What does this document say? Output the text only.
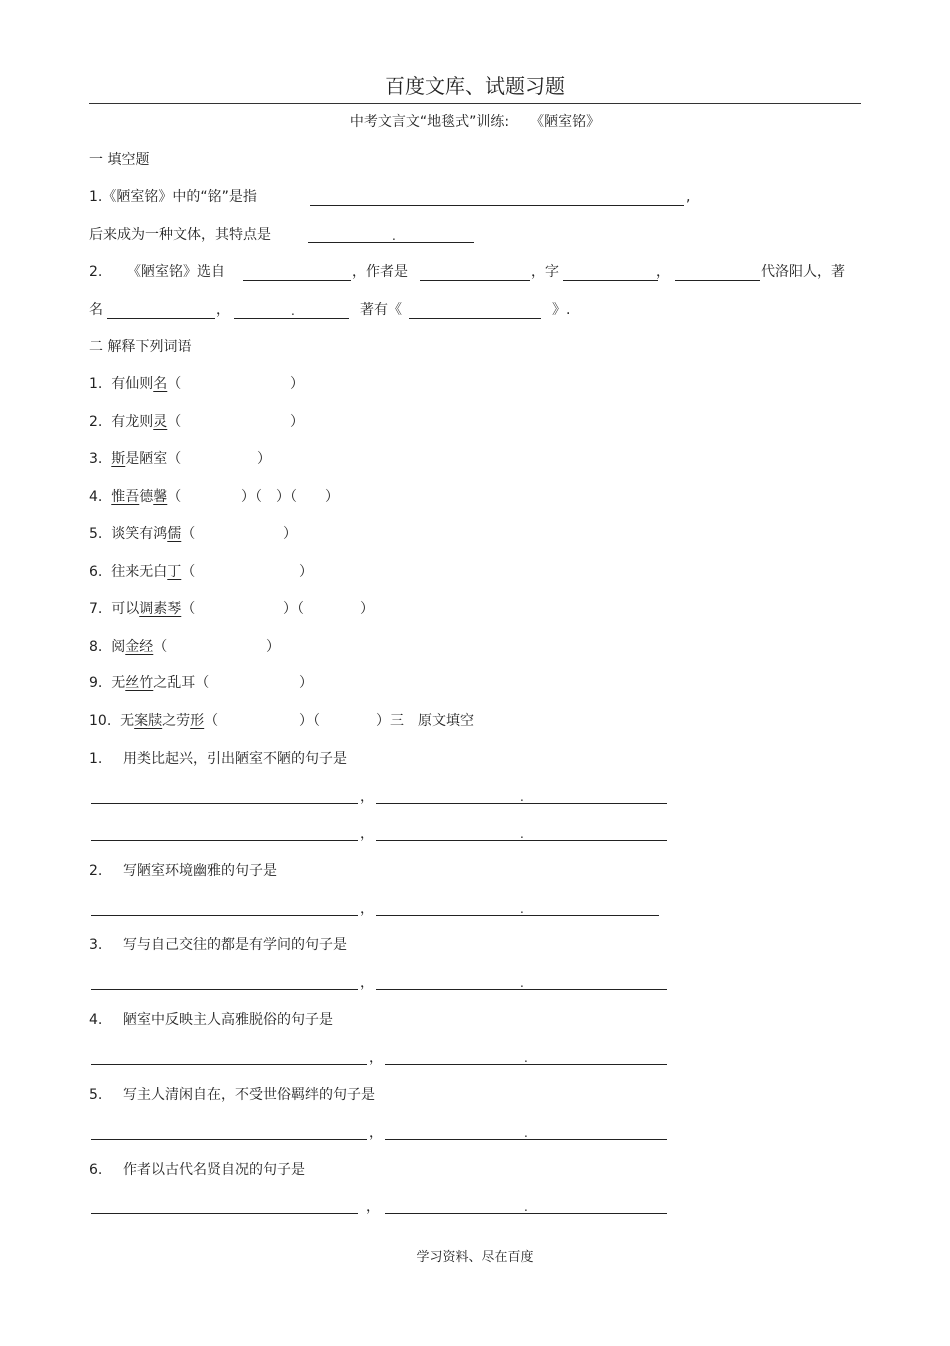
百度文库、试题习题
中考文言文“地毯式”训练:　　《陋室铭》
一 填空题
1.《陋室铭》中的“铭”是指	,
后来成为一种文体，其特点是	.
2. 《陋室铭》选自	，作者是	，字	，	代洛阳人，著
名	，	.	著有《	》.
二 解释下列词语
1. 有仙则名（	）
2. 有龙则灵（	）
3. 斯是陋室（	）
4. 惟吾德馨（	）（　）（　　）
5. 谈笑有鸿儒（	）
6. 往来无白丁（	）
7. 可以调素琴（	）（　　　　）
8. 阅金经（	）
9. 无丝竹之乱耳（	）
10. 无案牍之劳形（	）（　　　　）三　原文填空
1. 用类比起兴，引出陋室不陋的句子是
，	.
，	.
2. 写陋室环境幽雅的句子是
，	.
3. 写与自己交往的都是有学问的句子是
，	.
4. 陋室中反映主人高雅脱俗的句子是
，	.
5. 写主人清闲自在，不受世俗羁绊的句子是
，	.
6. 作者以古代名贤自况的句子是
，	.
学习资料、尽在百度
